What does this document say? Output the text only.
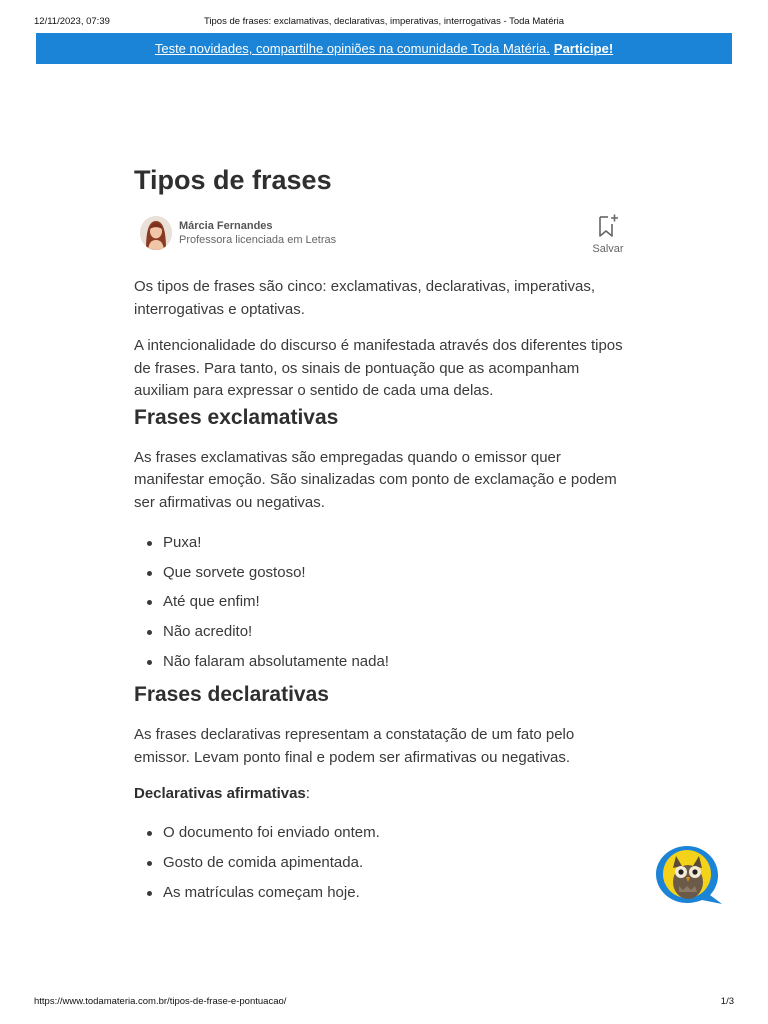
12/11/2023, 07:39	Tipos de frases: exclamativas, declarativas, imperativas, interrogativas - Toda Matéria
Teste novidades, compartilhe opiniões na comunidade Toda Matéria. Participe!
Tipos de frases
Márcia Fernandes
Professora licenciada em Letras
Salvar

Os tipos de frases são cinco: exclamativas, declarativas, imperativas, interrogativas e optativas.

A intencionalidade do discurso é manifestada através dos diferentes tipos de frases. Para tanto, os sinais de pontuação que as acompanham auxiliam para expressar o sentido de cada uma delas.

Frases exclamativas

As frases exclamativas são empregadas quando o emissor quer manifestar emoção. São sinalizadas com ponto de exclamação e podem ser afirmativas ou negativas.

Puxa!
Que sorvete gostoso!
Até que enfim!
Não acredito!
Não falaram absolutamente nada!
Frases declarativas

As frases declarativas representam a constatação de um fato pelo emissor. Levam ponto final e podem ser afirmativas ou negativas.

Declarativas afirmativas:
O documento foi enviado ontem.
Gosto de comida apimentada.
As matrículas começam hoje.
https://www.todamateria.com.br/tipos-de-frase-e-pontuacao/	1/3
